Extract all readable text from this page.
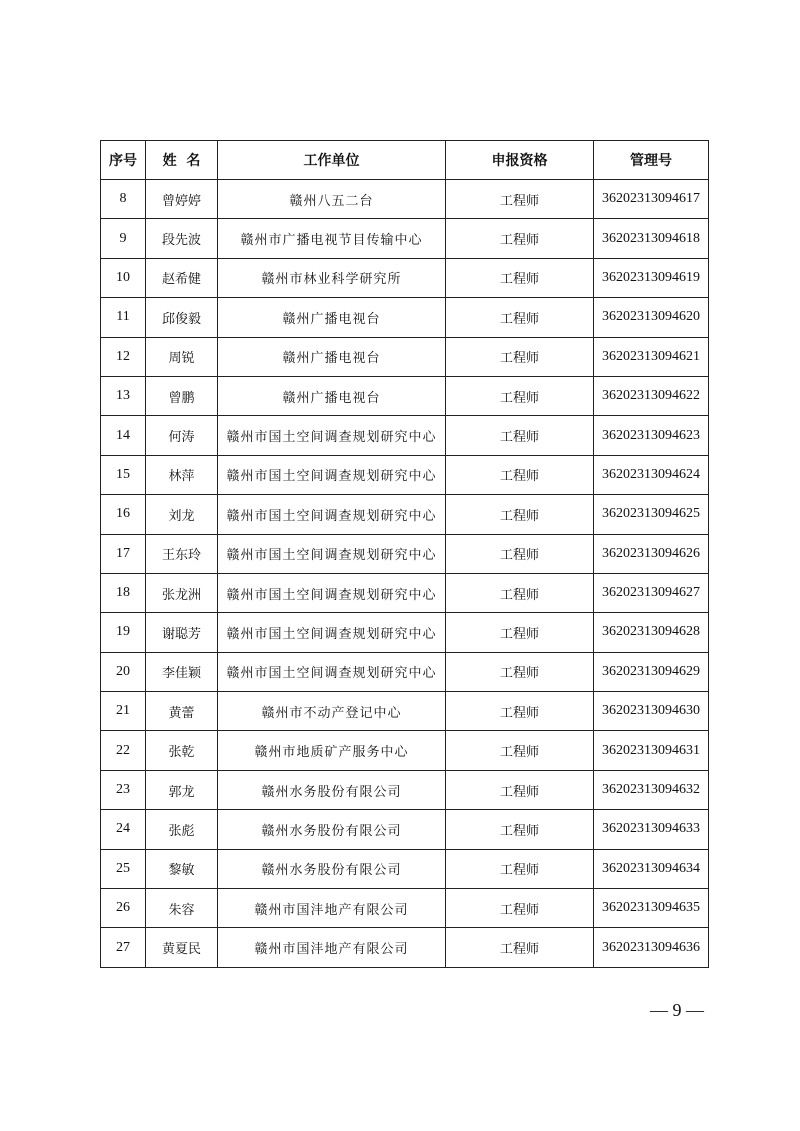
序号	姓  名	工作单位	申报资格	管理号
8	曾婷婷	赣州八五二台	工程师	36202313094617
9	段先波	赣州市广播电视节目传输中心	工程师	36202313094618
10	赵希健	赣州市林业科学研究所	工程师	36202313094619
11	邱俊毅	赣州广播电视台	工程师	36202313094620
12	周锐	赣州广播电视台	工程师	36202313094621
13	曾鹏	赣州广播电视台	工程师	36202313094622
14	何涛	赣州市国土空间调查规划研究中心	工程师	36202313094623
15	林萍	赣州市国土空间调查规划研究中心	工程师	36202313094624
16	刘龙	赣州市国土空间调查规划研究中心	工程师	36202313094625
17	王东玲	赣州市国土空间调查规划研究中心	工程师	36202313094626
18	张龙洲	赣州市国土空间调查规划研究中心	工程师	36202313094627
19	谢聪芳	赣州市国土空间调查规划研究中心	工程师	36202313094628
20	李佳颖	赣州市国土空间调查规划研究中心	工程师	36202313094629
21	黄蕾	赣州市不动产登记中心	工程师	36202313094630
22	张乾	赣州市地质矿产服务中心	工程师	36202313094631
23	郭龙	赣州水务股份有限公司	工程师	36202313094632
24	张彪	赣州水务股份有限公司	工程师	36202313094633
25	黎敏	赣州水务股份有限公司	工程师	36202313094634
26	朱容	赣州市国沣地产有限公司	工程师	36202313094635
27	黄夏民	赣州市国沣地产有限公司	工程师	36202313094636
— 9 —
